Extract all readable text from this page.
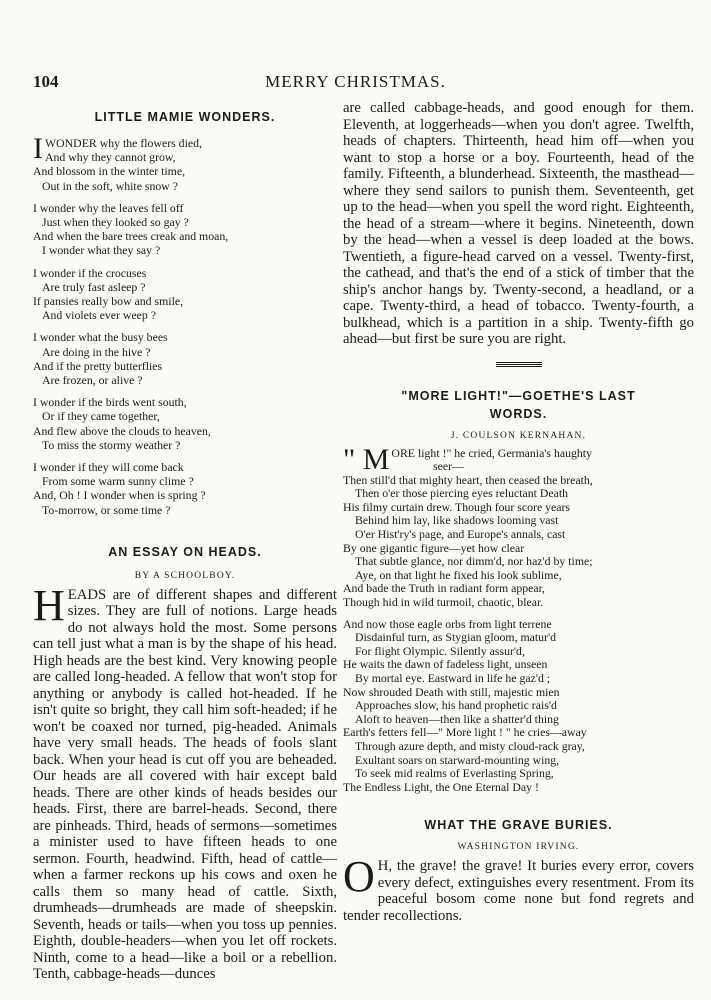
104	MERRY CHRISTMAS.
LITTLE MAMIE WONDERS.
IWONDER why the flowers died,
And why they cannot grow,
And blossom in the winter time,
Out in the soft, white snow ?
I wonder why the leaves fell off
Just when they looked so gay ?
And when the bare trees creak and moan,
I wonder what they say ?
I wonder if the crocuses
Are truly fast asleep ?
If pansies really bow and smile,
And violets ever weep ?
I wonder what the busy bees
Are doing in the hive ?
And if the pretty butterflies
Are frozen, or alive ?
I wonder if the birds went south,
Or if they came together,
And flew above the clouds to heaven,
To miss the stormy weather ?
I wonder if they will come back
From some warm sunny clime ?
And, Oh ! I wonder when is spring ?
To-morrow, or some time ?
AN ESSAY ON HEADS.

BY A SCHOOLBOY.

HEADS are of different shapes and different sizes. They are full of notions. Large heads do not always hold the most. Some persons can tell just what a man is by the shape of his head. High heads are the best kind. Very knowing people are called long-headed. A fellow that won't stop for anything or anybody is called hot-headed. If he isn't quite so bright, they call him soft-headed; if he won't be coaxed nor turned, pig-headed. Animals have very small heads. The heads of fools slant back. When your head is cut off you are beheaded. Our heads are all covered with hair except bald heads. There are other kinds of heads besides our heads. First, there are barrel-heads. Second, there are pinheads. Third, heads of sermons—sometimes a minister used to have fifteen heads to one sermon. Fourth, headwind. Fifth, head of cattle—when a farmer reckons up his cows and oxen he calls them so many head of cattle. Sixth, drumheads—drumheads are made of sheepskin. Seventh, heads or tails—when you toss up pennies. Eighth, double-headers—when you let off rockets. Ninth, come to a head—like a boil or a rebellion. Tenth, cabbage-heads—dunces

are called cabbage-heads, and good enough for them. Eleventh, at loggerheads—when you don't agree. Twelfth, heads of chapters. Thirteenth, head him off—when you want to stop a horse or a boy. Fourteenth, head of the family. Fifteenth, a blunderhead. Sixteenth, the masthead—where they send sailors to punish them. Seventeenth, get up to the head—when you spell the word right. Eighteenth, the head of a stream—where it begins. Nineteenth, down by the head—when a vessel is deep loaded at the bows. Twentieth, a figure-head carved on a vessel. Twenty-first, the cathead, and that's the end of a stick of timber that the ship's anchor hangs by. Twenty-second, a headland, or a cape. Twenty-third, a head of tobacco. Twenty-fourth, a bulkhead, which is a partition in a ship. Twenty-fifth go ahead—but first be sure you are right.

"MORE LIGHT!"—GOETHE'S LAST
WORDS.

J. COULSON KERNAHAN.

" M ORE light !" he cried, Germania's haughty
seer—
Then still'd that mighty heart, then ceased the breath,
Then o'er those piercing eyes reluctant Death
His filmy curtain drew. Though four score years
Behind him lay, like shadows looming vast
O'er Hist'ry's page, and Europe's annals, cast
By one gigantic figure—yet how clear
That subtle glance, nor dimm'd, nor haz'd by time;
Aye, on that light he fixed his look sublime,
And bade the Truth in radiant form appear,
Though hid in wild turmoil, chaotic, blear.
And now those eagle orbs from light terrene
Disdainful turn, as Stygian gloom, matur'd
For flight Olympic. Silently assur'd,
He waits the dawn of fadeless light, unseen
By mortal eye. Eastward in life he gaz'd ;
Now shrouded Death with still, majestic mien
Approaches slow, his hand prophetic rais'd
Aloft to heaven—then like a shatter'd thing
Earth's fetters fell—" More light ! " he cries—away
Through azure depth, and misty cloud-rack gray,
Exultant soars on starward-mounting wing,
To seek mid realms of Everlasting Spring,
The Endless Light, the One Eternal Day !
WHAT THE GRAVE BURIES.

WASHINGTON IRVING.

O H, the grave! the grave! It buries every error, covers every defect, extinguishes every resentment. From its peaceful bosom come none but fond regrets and tender recollections.
